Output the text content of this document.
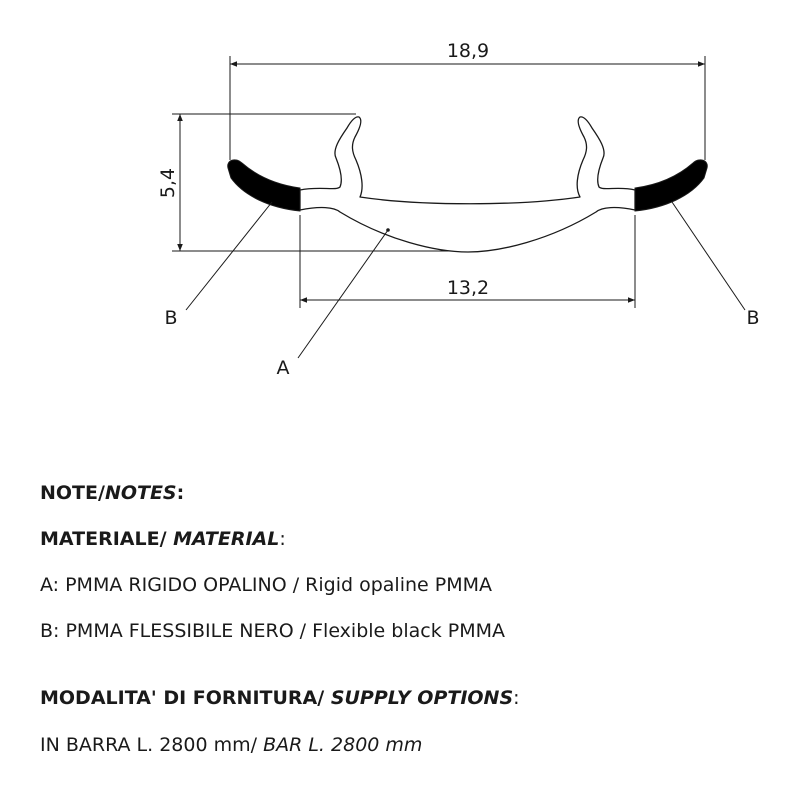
18,9
13,2
5,4
B	B
A
NOTE/NOTES:
MATERIALE/ MATERIAL:
A: PMMA RIGIDO OPALINO / Rigid opaline PMMA
B: PMMA FLESSIBILE NERO / Flexible black PMMA
MODALITA' DI FORNITURA/ SUPPLY OPTIONS:
IN BARRA L. 2800 mm/ BAR L. 2800 mm
